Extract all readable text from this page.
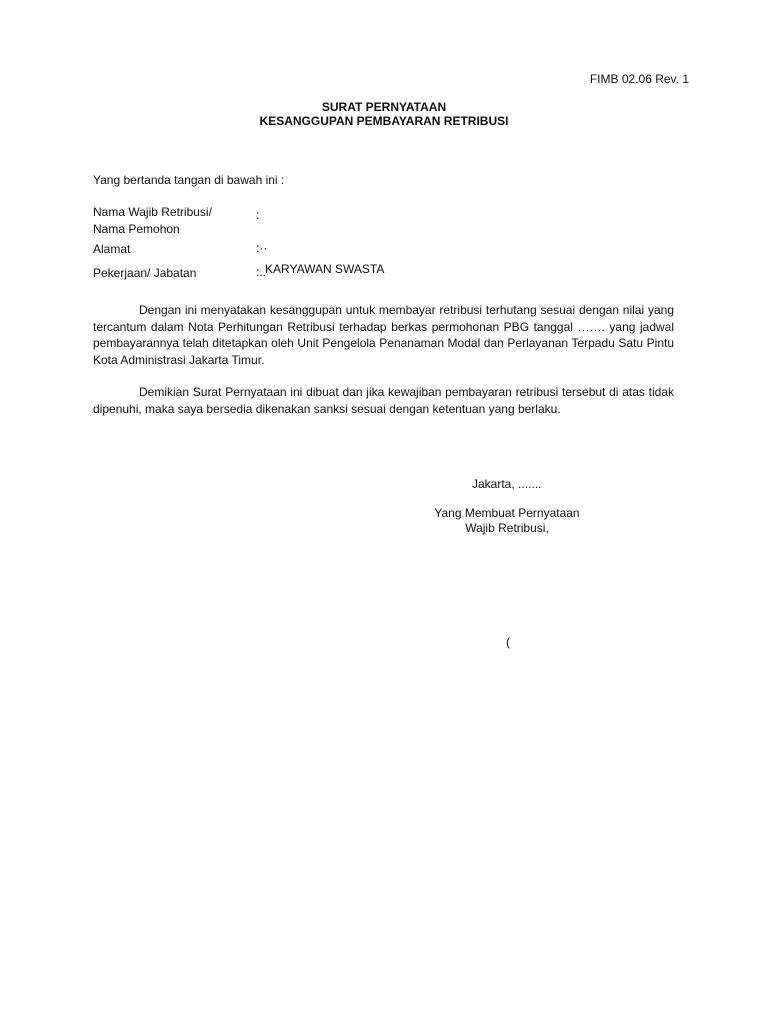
FIMB 02.06 Rev. 1
SURAT PERNYATAAN
KESANGGUPAN PEMBAYARAN RETRIBUSI
Yang bertanda tangan di bawah ini :
Nama Wajib Retribusi/
Nama Pemohon
:
Alamat	:··
Pekerjaan/ Jabatan	:..
KARYAWAN SWASTA
Dengan ini menyatakan kesanggupan untuk membayar retribusi terhutang sesuai dengan nilai yang tercantum dalam Nota Perhitungan Retribusi terhadap berkas permohonan PBG tanggal ……. yang jadwal pembayarannya telah ditetapkan oleh Unit Pengelola Penanaman Modal dan Perlayanan Terpadu Satu Pintu Kota Administrasi Jakarta Timur.
Demikian Surat Pernyataan ini dibuat dan jika kewajiban pembayaran retribusi tersebut di atas tidak dipenuhi, maka saya bersedia dikenakan sanksi sesuai dengan ketentuan yang berlaku.
Jakarta, .......
Yang Membuat Pernyataan
Wajib Retribusi,
(
